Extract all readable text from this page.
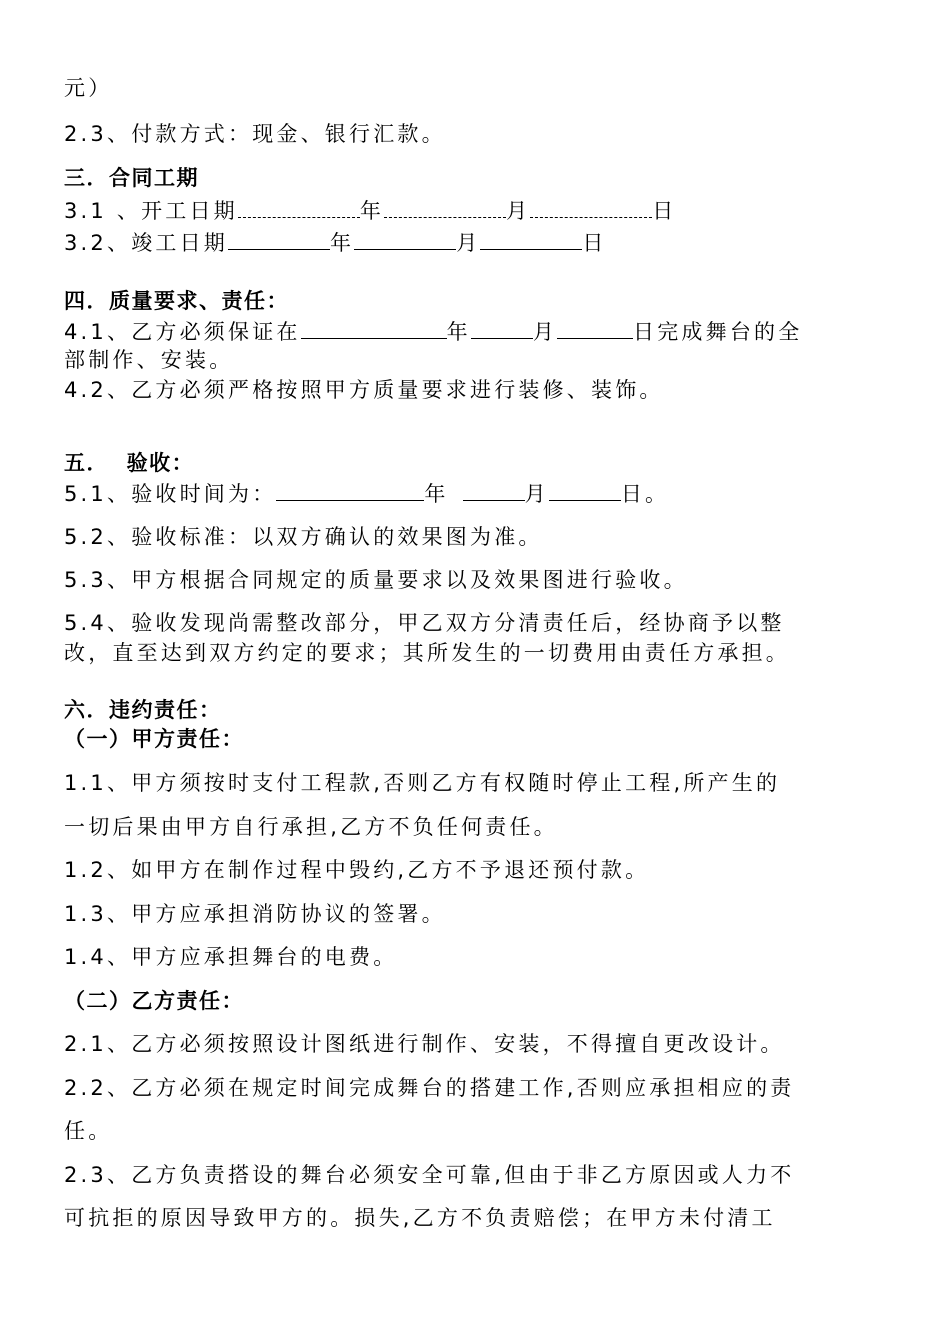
元）
2.3、付款方式：现金、银行汇款。
三．合同工期
3.1 、开工日期	年	月	日
3.2、竣工日期	年	月	日
四．质量要求、责任：
4.1、乙方必须保证在	年	月	日完成舞台的全
部制作、安装。
4.2、乙方必须严格按照甲方质量要求进行装修、装饰。
五．  验收：
5.1、验收时间为：	年	月	日。
5.2、验收标准：以双方确认的效果图为准。
5.3、甲方根据合同规定的质量要求以及效果图进行验收。
5.4、验收发现尚需整改部分，甲乙双方分清责任后，经协商予以整
改，直至达到双方约定的要求；其所发生的一切费用由责任方承担。
六．违约责任：
（一）甲方责任：
1.1、甲方须按时支付工程款,否则乙方有权随时停止工程,所产生的
一切后果由甲方自行承担,乙方不负任何责任。
1.2、如甲方在制作过程中毁约,乙方不予退还预付款。
1.3、甲方应承担消防协议的签署。
1.4、甲方应承担舞台的电费。
（二）乙方责任：
2.1、乙方必须按照设计图纸进行制作、安装，不得擅自更改设计。
2.2、乙方必须在规定时间完成舞台的搭建工作,否则应承担相应的责
任。
2.3、乙方负责搭设的舞台必须安全可靠,但由于非乙方原因或人力不
可抗拒的原因导致甲方的。损失,乙方不负责赔偿；在甲方未付清工
